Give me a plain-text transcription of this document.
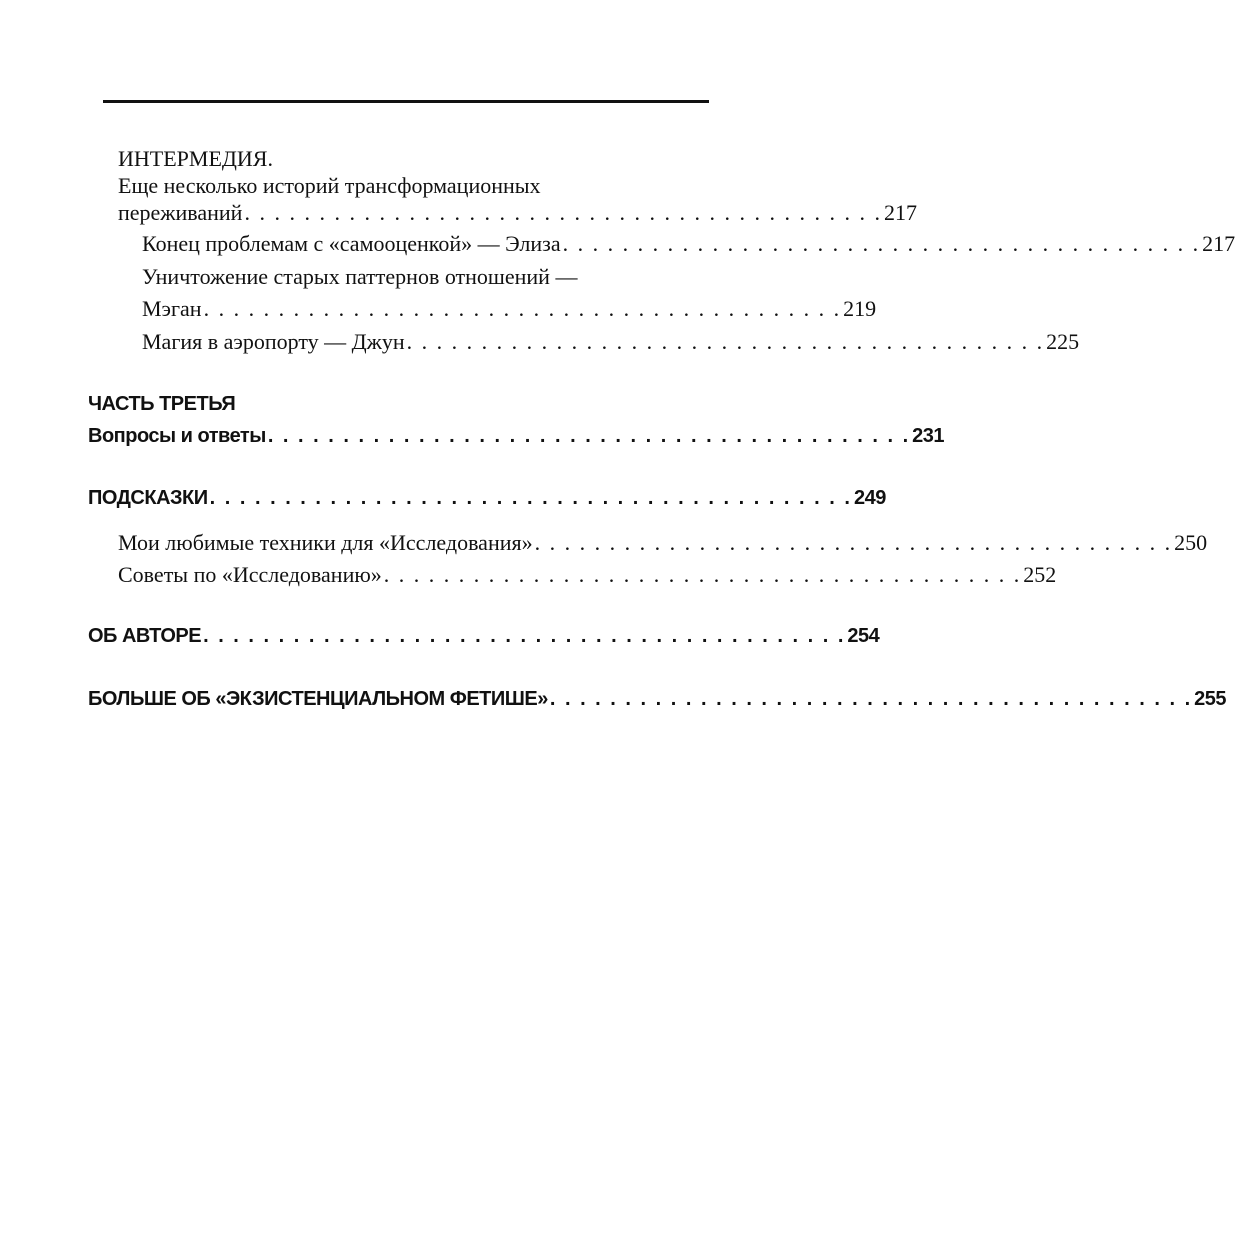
ИНТЕРМЕДИЯ.
Еще несколько историй трансформационных
переживаний . . . . . . . . . . . . . . . . . . . . . . . . . . . . . . . . . . . . . . . . . . . 217
Конец проблемам с «самооценкой» — Элиза . . . . . . . . . . . . . . . . . . . . . . . . . . . . . . . . . . . . . . . . . . . 217
Уничтожение старых паттернов отношений —
Мэган . . . . . . . . . . . . . . . . . . . . . . . . . . . . . . . . . . . . . . . . . . . 219
Магия в аэропорту — Джун . . . . . . . . . . . . . . . . . . . . . . . . . . . . . . . . . . . . . . . . . . . 225
ЧАСТЬ ТРЕТЬЯ
Вопросы и ответы . . . . . . . . . . . . . . . . . . . . . . . . . . . . . . . . . . . . . . . . . . . 231
ПОДСКАЗКИ . . . . . . . . . . . . . . . . . . . . . . . . . . . . . . . . . . . . . . . . . . . 249
Мои любимые техники для «Исследования» . . . . . . . . . . . . . . . . . . . . . . . . . . . . . . . . . . . . . . . . . . . 250
Советы по «Исследованию» . . . . . . . . . . . . . . . . . . . . . . . . . . . . . . . . . . . . . . . . . . . 252
ОБ АВТОРЕ . . . . . . . . . . . . . . . . . . . . . . . . . . . . . . . . . . . . . . . . . . . 254
БОЛЬШЕ ОБ «ЭКЗИСТЕНЦИАЛЬНОМ ФЕТИШЕ» . . . . . . . . . . . . . . . . . . . . . . . . . . . . . . . . . . . . . . . . . . . 255
